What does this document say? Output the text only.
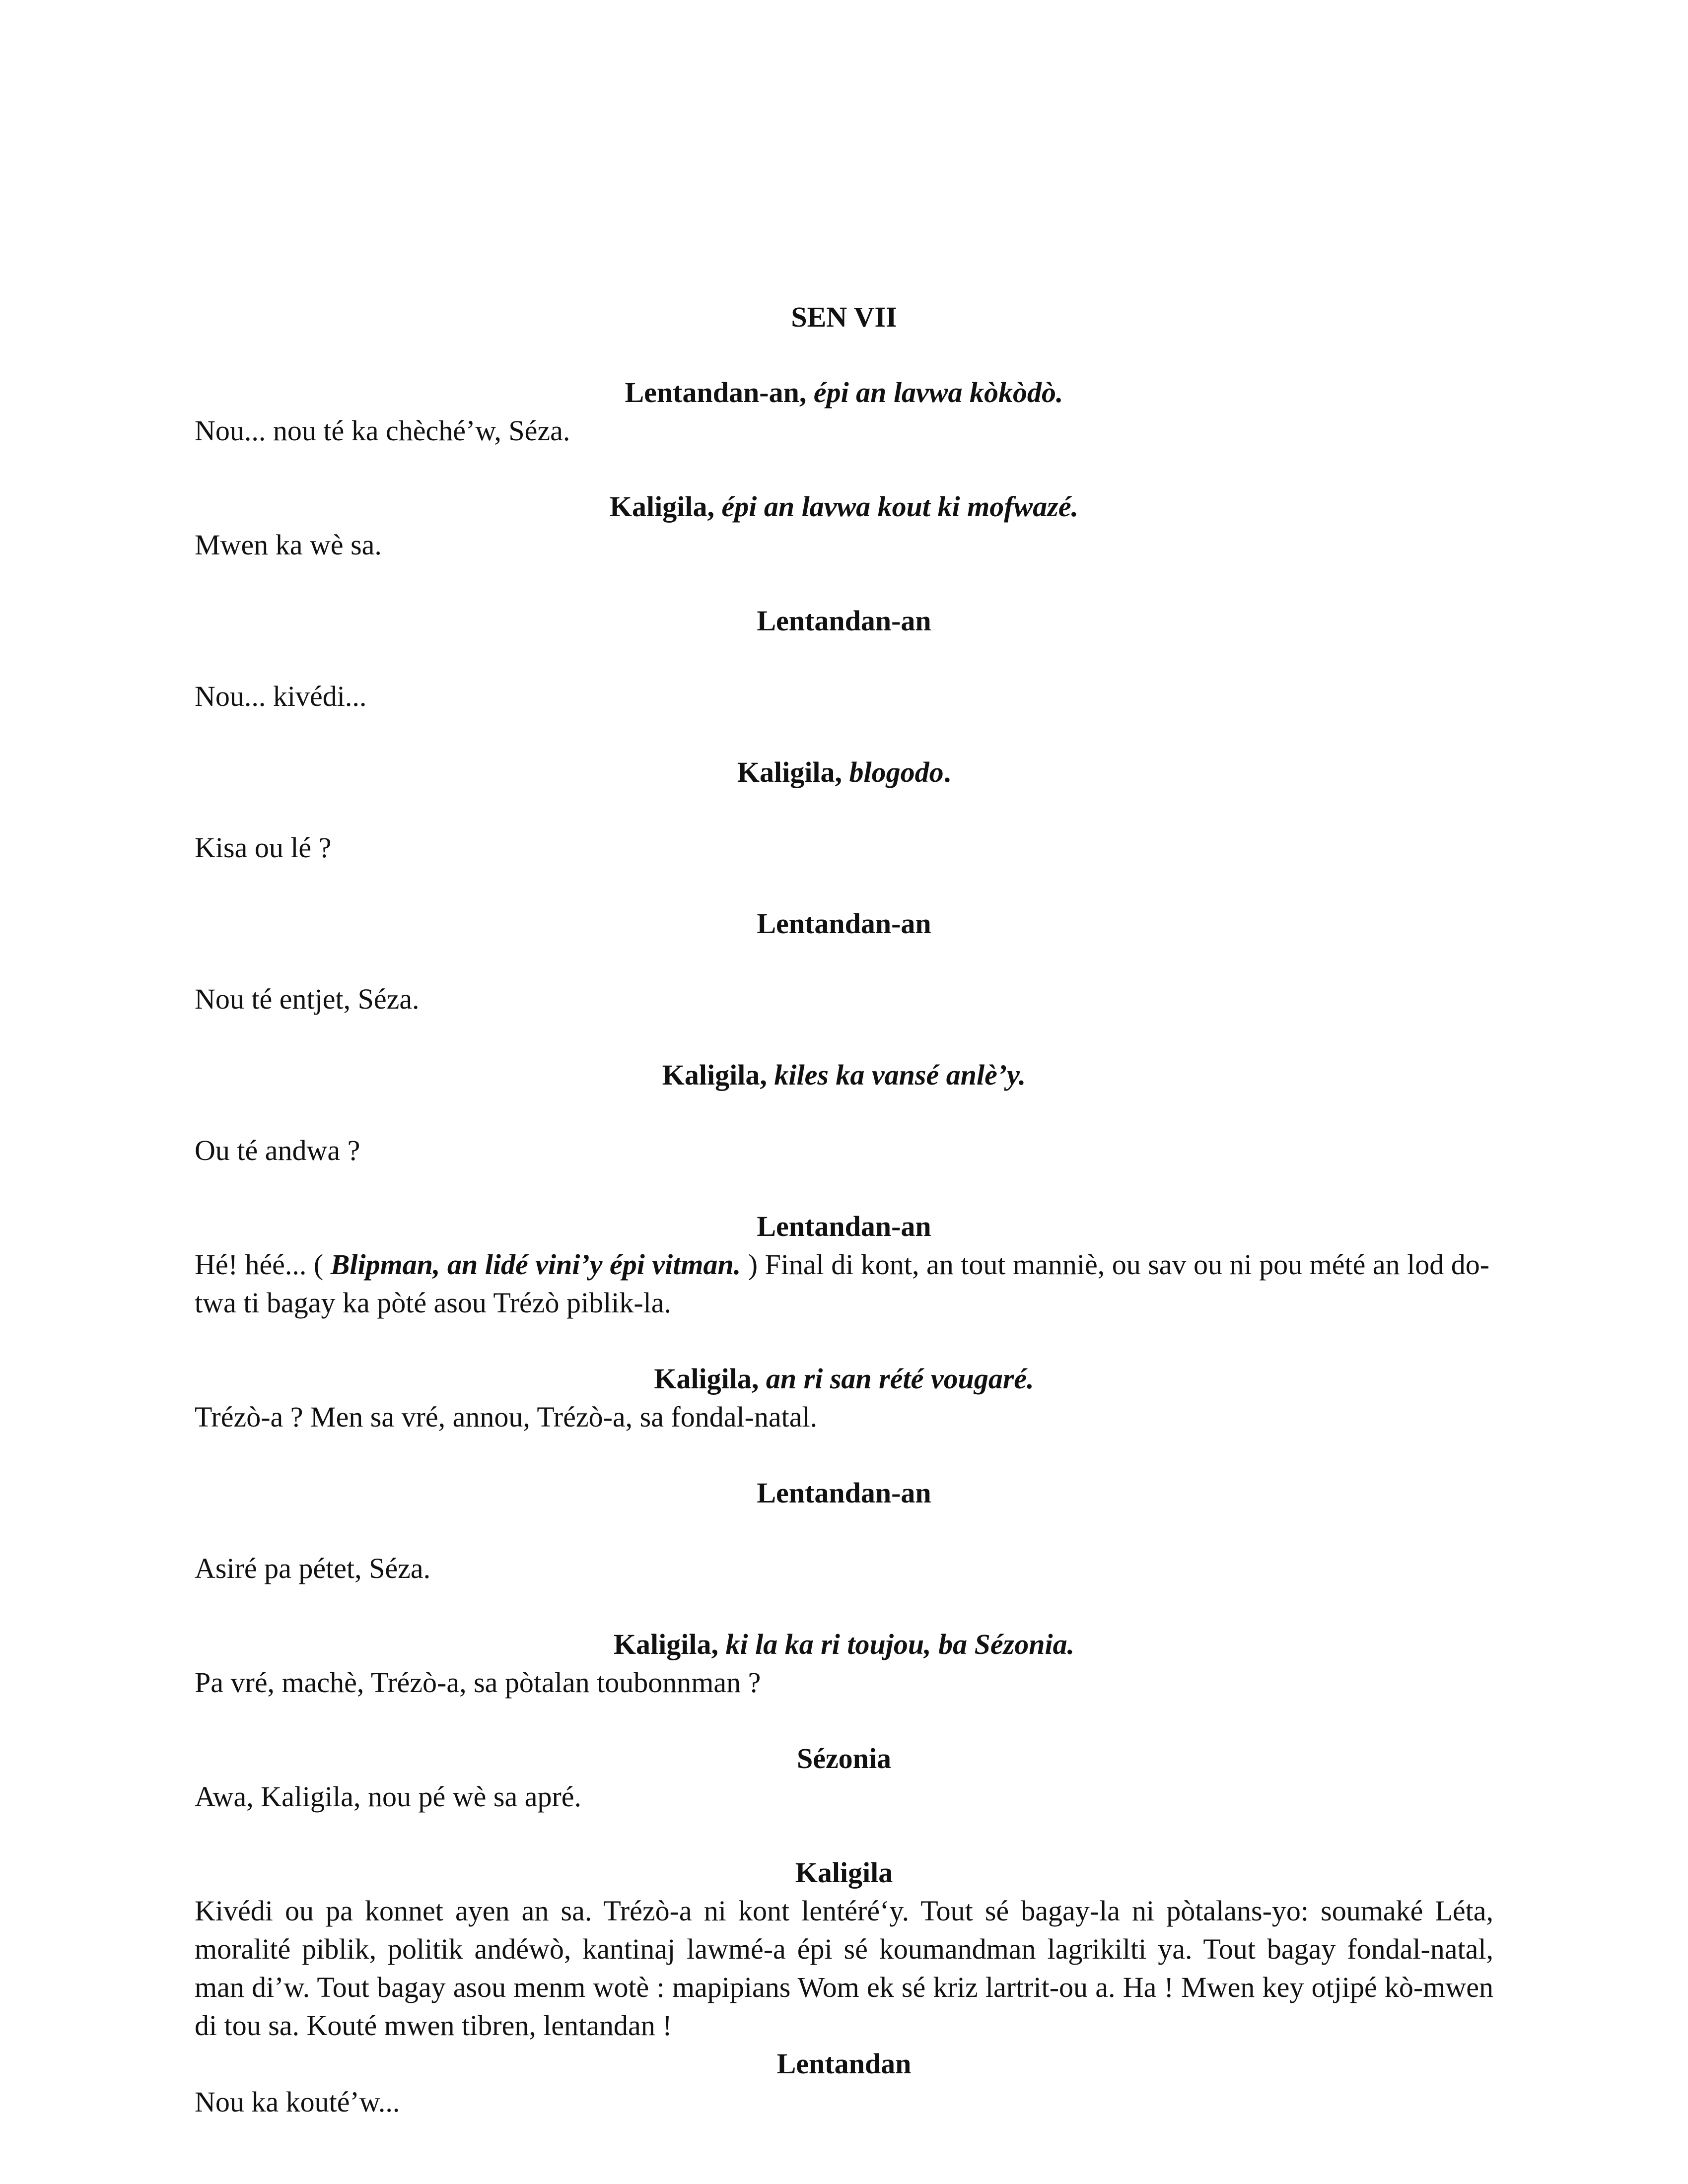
SEN VII
Lentandan-an, épi an lavwa kòkòdò.
Nou... nou té ka chèché’w, Séza.
Kaligila, épi an lavwa kout ki mofwazé.
Mwen ka wè sa.
Lentandan-an
Nou... kivédi...
Kaligila, blogodo.
Kisa ou lé ?
Lentandan-an
Nou té entjet, Séza.
Kaligila, kiles ka vansé anlè’y.
Ou té andwa ?
Lentandan-an
Hé! héé... ( Blipman, an lidé vini’y épi vitman. ) Final di kont, an tout manniè, ou sav ou ni pou mété an lod do-twa ti bagay ka pòté asou Trézò piblik-la.
Kaligila, an ri san rété vougaré.
Trézò-a ? Men sa vré, annou, Trézò-a, sa fondal-natal.
Lentandan-an
Asiré pa pétet, Séza.
Kaligila, ki la ka ri toujou, ba Sézonia.
Pa vré, machè, Trézò-a, sa pòtalan toubonnman ?
Sézonia
Awa, Kaligila, nou pé wè sa apré.
Kaligila
Kivédi ou pa konnet ayen an sa. Trézò-a ni kont lentéré‘y. Tout sé bagay-la ni pòtalans-yo: soumaké Léta, moralité piblik, politik andéwò, kantinaj lawmé-a épi sé koumandman lagrikilti ya. Tout bagay fondal-natal, man di’w. Tout bagay asou menm wotè : mapipians Wom ek sé kriz lartrit-ou a. Ha ! Mwen key otjipé kò-mwen di tou sa. Kouté mwen tibren, lentandan !
Lentandan
Nou ka kouté’w...
